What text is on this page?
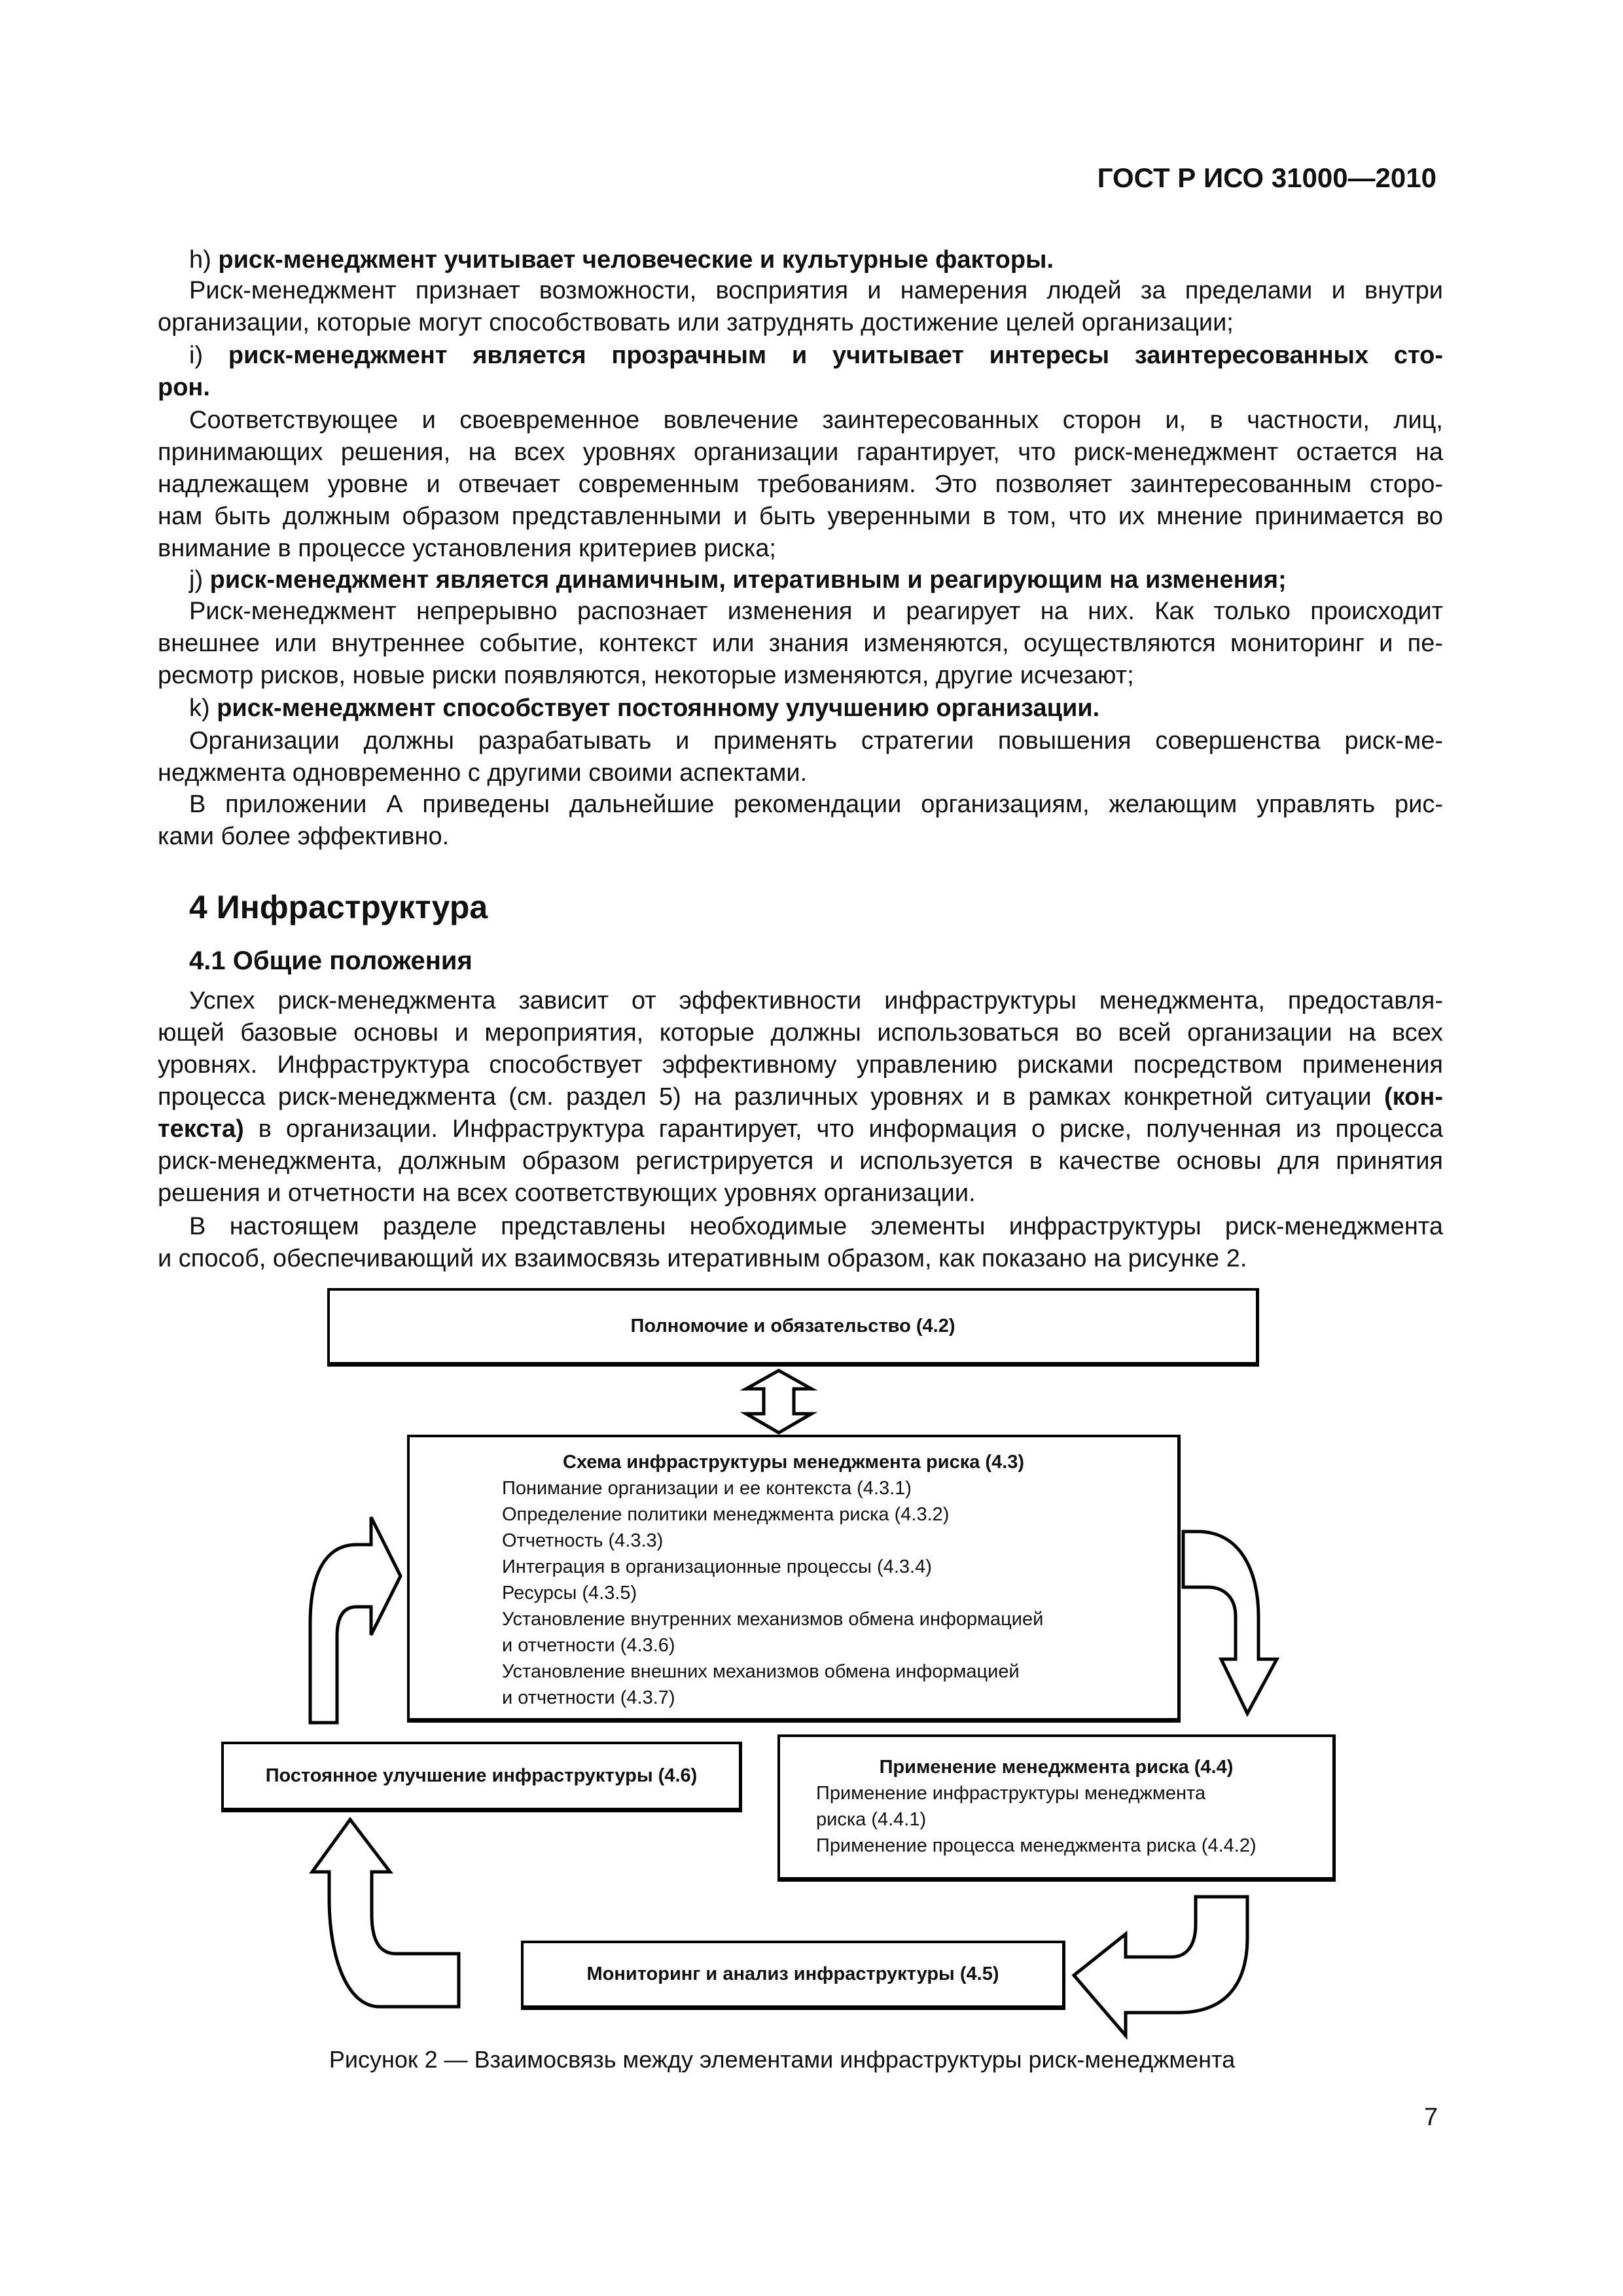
ГОСТ Р ИСО 31000—2010
h) риск-менеджмент учитывает человеческие и культурные факторы.
Риск-менеджмент признает возможности, восприятия и намерения людей за пределами и внутри
организации, которые могут способствовать или затруднять достижение целей организации;
i) риск-менеджмент является прозрачным и учитывает интересы заинтересованных сто-
рон.
Соответствующее и своевременное вовлечение заинтересованных сторон и, в частности, лиц,
принимающих решения, на всех уровнях организации гарантирует, что риск-менеджмент остается на
надлежащем уровне и отвечает современным требованиям. Это позволяет заинтересованным сторо-
нам быть должным образом представленными и быть уверенными в том, что их мнение принимается во
внимание в процессе установления критериев риска;
j) риск-менеджмент является динамичным, итеративным и реагирующим на изменения;
Риск-менеджмент непрерывно распознает изменения и реагирует на них. Как только происходит
внешнее или внутреннее событие, контекст или знания изменяются, осуществляются мониторинг и пе-
ресмотр рисков, новые риски появляются, некоторые изменяются, другие исчезают;
k) риск-менеджмент способствует постоянному улучшению организации.
Организации должны разрабатывать и применять стратегии повышения совершенства риск-ме-
неджмента одновременно с другими своими аспектами.
В приложении А приведены дальнейшие рекомендации организациям, желающим управлять рис-
ками более эффективно.
Успех риск-менеджмента зависит от эффективности инфраструктуры менеджмента, предоставля-
ющей базовые основы и мероприятия, которые должны использоваться во всей организации на всех
уровнях. Инфраструктура способствует эффективному управлению рисками посредством применения
процесса риск-менеджмента (см. раздел 5) на различных уровнях и в рамках конкретной ситуации (кон-
текста) в организации. Инфраструктура гарантирует, что информация о риске, полученная из процесса
риск-менеджмента, должным образом регистрируется и используется в качестве основы для принятия
решения и отчетности на всех соответствующих уровнях организации.
В настоящем разделе представлены необходимые элементы инфраструктуры риск-менеджмента
и способ, обеспечивающий их взаимосвязь итеративным образом, как показано на рисунке 2.
4 Инфраструктура
4.1 Общие положения
Полномочие и обязательство (4.2)
Схема инфраструктуры менеджмента риска (4.3)
Понимание организации и ее контекста (4.3.1)
Определение политики менеджмента риска (4.3.2)
Отчетность (4.3.3)
Интеграция в организационные процессы (4.3.4)
Ресурсы (4.3.5)
Установление внутренних механизмов обмена информацией
и отчетности (4.3.6)
Установление внешних механизмов обмена информацией
и отчетности (4.3.7)
Постоянное улучшение инфраструктуры (4.6)	Применение менеджмента риска (4.4)
Применение инфраструктуры менеджмента
риска (4.4.1)
Применение процесса менеджмента риска (4.4.2)
Мониторинг и анализ инфраструктуры (4.5)
Рисунок 2 — Взаимосвязь между элементами инфраструктуры риск-менеджмента
7
